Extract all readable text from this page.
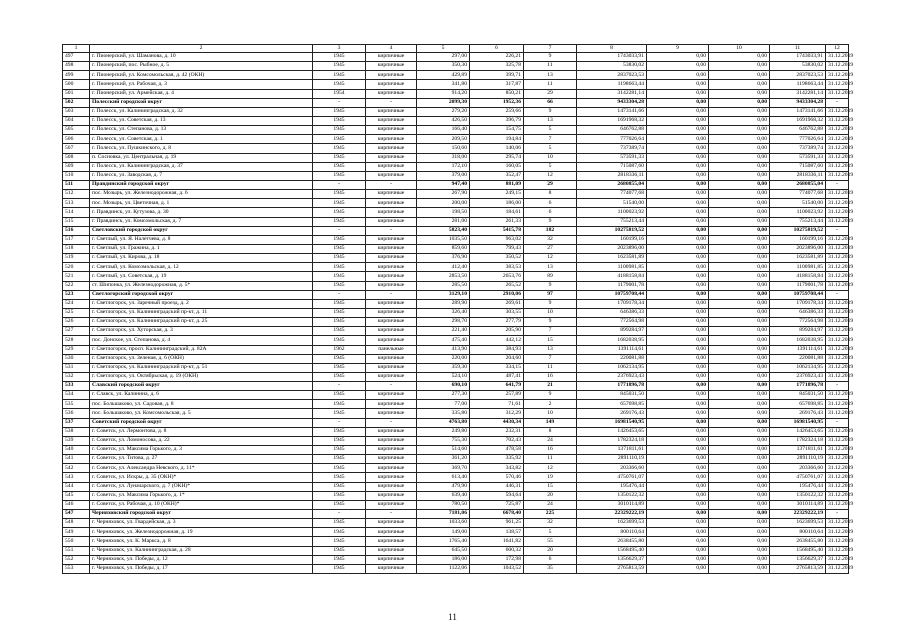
1	2	3	4	5	6	7	8	9	10	11	12
497	г. Пионерский, ул. Шаманова, д. 10	1945	кирпичные	297,00	226,21	9	1743033,91	0,00	0,00	1743033,91	31.12.2019
498	г. Пионерский, пос. Рыбное, д. 5	1945	кирпичные	350,30	325,78	11	53830,02	0,00	0,00	53830,02	31.12.2019
499	г. Пионерский, ул. Комсомольская, д. 42 (ОКН)	1945	кирпичные	429,89	399,71	13	2837023,53	0,00	0,00	2837023,53	31.12.2019
500	г. Пионерский, ул. Рабочая, д. 3	1945	кирпичные	341,80	317,87	11	1198663,44	0,00	0,00	1198663,44	31.12.2019
501	г. Пионерский, ул. Армейская, д. 4	1954	кирпичные	914,20	850,21	29	3142281,14	0,00	0,00	3142281,14	31.12.2019
502	Полесский городской округ	-	-	2099,30	1952,36	66	9433304,28	0,00	0,00	9433304,28	-
503	г. Полесск, ул. Калининградская, д. 32	1945	кирпичные	279,20	259,66	9	1473141,66	0,00	0,00	1473141,66	31.12.2019
504	г. Полесск, ул. Советская, д. 13	1945	кирпичные	426,50	396,79	13	1691968,32	0,00	0,00	1691968,32	31.12.2019
505	г. Полесск, ул. Степанова, д. 13	1945	кирпичные	166,40	154,75	5	646762,88	0,00	0,00	646762,88	31.12.2019
506	г. Полесск, ул. Советская, д. 1	1945	кирпичные	209,50	194,84	7	777026,64	0,00	0,00	777026,64	31.12.2019
507	г. Полесск, ул. Пушкинского, д. 8	1945	кирпичные	150,60	140,06	5	737389,74	0,00	0,00	737389,74	31.12.2019
508	п. Сосновка, ул. Центральная, д. 19	1945	кирпичные	318,00	295,74	10	573591,33	0,00	0,00	573591,33	31.12.2019
509	г. Полесск, ул. Калининградская, д. 37	1945	кирпичные	172,10	160,05	5	715087,60	0,00	0,00	715087,60	31.12.2019
510	г. Полесск, ул. Заводская, д. 7	1945	кирпичные	379,00	352,47	12	2818336,11	0,00	0,00	2818336,11	31.12.2019
511	Правдинский городской округ	-	-	947,40	881,09	29	2680855,04	0,00	0,00	2680855,04	-
512	пос. Мозырь, ул. Железнодорожная, д. 6	1945	кирпичные	267,90	249,15	8	774077,68	0,00	0,00	774077,68	31.12.2019
513	пос. Мозырь, ул. Цветочная, д. 1	1945	кирпичные	200,00	186,00	6	51540,00	0,00	0,00	51540,00	31.12.2019
514	г. Правдинск, ул. Кутузова, д. 30	1945	кирпичные	198,50	184,61	6	1100023,92	0,00	0,00	1100023,92	31.12.2019
515	г. Правдинск, ул. Комсомольская, д. 7	1945	кирпичные	281,00	261,33	9	755213,44	0,00	0,00	755213,44	31.12.2019
516	Светловский городской округ	-	-	5823,40	5415,78	182	10275819,52	0,00	0,00	10275819,52	-
517	г. Светлый, ул. Я. Налетчева, д. 8	1945	кирпичные	1035,50	963,02	32	160199,16	0,00	0,00	160199,16	31.12.2019
518	г. Светлый, ул. Гражина, д. 1	1945	кирпичные	859,60	799,43	27	2023896,00	0,00	0,00	2023896,00	31.12.2019
519	г. Светлый, ул. Кирова, д. 18	1945	кирпичные	376,90	350,52	12	1623581,89	0,00	0,00	1623581,89	31.12.2019
520	г. Светлый, ул. Комсомольская, д. 12	1945	кирпичные	412,40	383,53	13	1100981,85	0,00	0,00	1100981,85	31.12.2019
521	г. Светлый, ул. Советская, д. 19	1945	кирпичные	2853,50	2653,76	89	4188158,84	0,00	0,00	4188158,84	31.12.2019
522	ст. Шипонка, ул. Железнодорожная, д. 5*	1945	кирпичные	285,50	265,52	9	1179001,78	0,00	0,00	1179001,78	31.12.2019
523	Светлогорский городской округ	-	-	3129,10	2910,06	97	10759708,44	0,00	0,00	10759708,44	-
524	г. Светлогорск, ул. Заречный проезд, д. 2	1945	кирпичные	289,90	269,61	9	1709178,34	0,00	0,00	1709178,34	31.12.2019
525	г. Светлогорск, ул. Калининградский пр-кт, д. 11	1945	кирпичные	326,40	303,55	10	646386,33	0,00	0,00	646386,33	31.12.2019
526	г. Светлогорск, ул. Калининградский пр-кт, д. 25	1945	кирпичные	298,70	277,79	9	772564,98	0,00	0,00	772564,98	31.12.2019
527	г. Светлогорск, ул. Хуторская, д. 3	1945	кирпичные	221,40	205,90	7	899284,97	0,00	0,00	899284,97	31.12.2019
528	пос. Донское, ул. Степанова, д. 4	1945	кирпичные	475,40	442,12	15	1682038,95	0,00	0,00	1682038,95	31.12.2019
529	г. Светлогорск, просп. Калининградский, д. 82А	1962	панельные	413,90	384,93	13	1391114,61	0,00	0,00	1391114,61	31.12.2019
530	г. Светлогорск, ул. Зеленая, д. 6 (ОКН)	1945	кирпичные	220,00	204,60	7	220081,88	0,00	0,00	220081,88	31.12.2019
531	г. Светлогорск, ул. Калининградский пр-кт, д. 51	1945	кирпичные	359,30	334,15	11	1062134,95	0,00	0,00	1062134,95	31.12.2019
532	г. Светлогорск, ул. Октябрьская, д. 19 (ОКН)	1945	кирпичные	524,10	487,41	16	2376923,43	0,00	0,00	2376923,43	31.12.2019
533	Славский городской округ	-	-	690,10	641,79	21	1771896,78	0,00	0,00	1771896,78	-
534	г. Славск, ул. Калинина, д. 6	1945	кирпичные	277,30	257,89	9	845031,50	0,00	0,00	845031,50	31.12.2019
535	пос. Большаково, ул. Садовая, д. 8	1945	кирпичные	77,00	71,61	2	657698,85	0,00	0,00	657698,85	31.12.2019
536	пос. Большаково, ул. Комсомольская, д. 5	1945	кирпичные	335,80	312,29	10	269176,43	0,00	0,00	269176,43	31.12.2019
537	Советский городской округ	-	-	4763,80	4430,34	149	16981540,95	0,00	0,00	16981540,95	-
538	г. Советск, ул. Лермонтова, д. 8	1945	кирпичные	249,80	232,31	8	1426453,65	0,00	0,00	1426453,65	31.12.2019
539	г. Советск, ул. Ломоносова, д. 22	1945	кирпичные	755,30	702,43	24	1782324,18	0,00	0,00	1782324,18	31.12.2019
540	г. Советск, ул. Максима Горького, д. 3	1945	кирпичные	514,60	478,58	16	1371811,61	0,00	0,00	1371811,61	31.12.2019
541	г. Советск, ул. Титова, д. 27	1945	кирпичные	361,20	335,92	11	2891110,19	0,00	0,00	2891110,19	31.12.2019
542	г. Советск, ул. Александра Невского, д. 11*	1945	кирпичные	369,70	343,82	12	203366,60	0,00	0,00	203366,60	31.12.2019
543	г. Советск, ул. Искры, д. 35 (ОКН)*	1945	кирпичные	613,40	570,46	19	4750761,07	0,00	0,00	4750761,07	31.12.2019
544	г. Советск, ул. Луначарского, д. 7 (ОКН)*	1945	кирпичные	479,90	446,31	15	195476,44	0,00	0,00	195476,44	31.12.2019
545	г. Советск, ул. Максима Горького, д. 1*	1945	кирпичные	639,40	594,64	20	1350122,32	0,00	0,00	1350122,32	31.12.2019
546	г. Советск, ул. Рабочая, д. 10 (ОКН)*	1945	кирпичные	780,50	725,87	24	3010114,89	0,00	0,00	3010114,89	31.12.2019
547	Черняховский городской округ	-	-	7181,06	6678,40	225	22329222,19	0,00	0,00	22329222,19	-
548	г. Черняховск, ул. Гвардейская, д. 3	1945	кирпичные	1033,60	961,25	32	1623699,53	0,00	0,00	1623699,53	31.12.2019
549	г. Черняховск, ул. Железнодорожная, д. 19	1945	кирпичные	149,00	138,57	5	800110,64	0,00	0,00	800110,64	31.12.2019
550	г. Черняховск, ул. К. Маркса, д. 8	1945	кирпичные	1765,40	1641,82	55	2638455,80	0,00	0,00	2638455,80	31.12.2019
551	г. Черняховск, ул. Калининградская, д. 28	1945	кирпичные	645,50	600,32	20	1568495,40	0,00	0,00	1568495,40	31.12.2019
552	г. Черняховск, ул. Победы, д. 12	1945	кирпичные	186,00	172,98	6	1356629,37	0,00	0,00	1356629,37	31.12.2019
553	г. Черняховск, ул. Победы, д. 17	1945	кирпичные	1122,06	1043,52	35	2765813,59	0,00	0,00	2765813,59	31.12.2019
11
